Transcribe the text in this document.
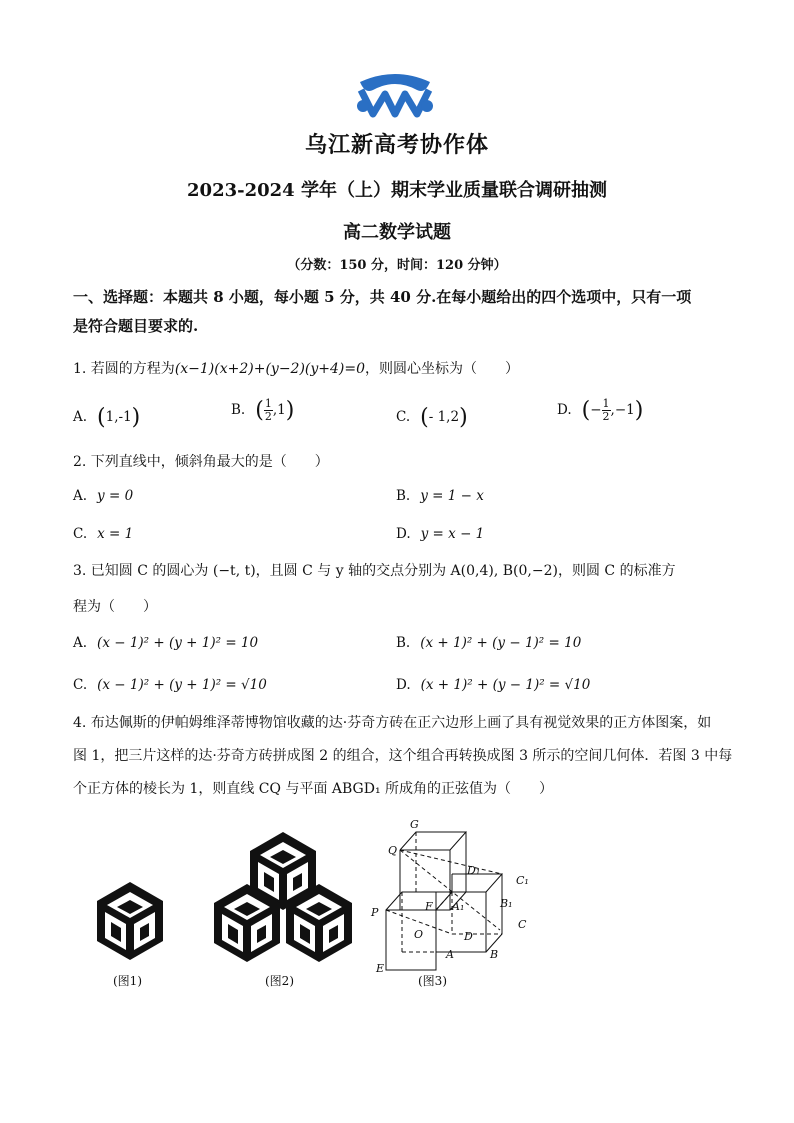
乌江新高考协作体
2023-2024 学年（上）期末学业质量联合调研抽测
高二数学试题
（分数：150 分，时间：120 分钟）
一、选择题：本题共 8 小题，每小题 5 分，共 40 分.在每小题给出的四个选项中，只有一项
是符合题目要求的.
1. 若圆的方程为(x−1)(x+2)+(y−2)(y+4)=0，则圆心坐标为（　　）
A. (1,-1)	B. ( $\frac{1}{2} ,1$)	C. (- 1,2)	D. (− $\frac{1}{2} ,-1$)
2. 下列直线中，倾斜角最大的是（　　）
A. y = 0	B. y = 1 − x
C. x = 1	D. y = x − 1
3. 已知圆 C 的圆心为 (−t, t)，且圆 C 与 y 轴的交点分别为 A(0,4), B(0,−2)，则圆 C 的标准方
程为（　　）
A. (x − 1)² + (y + 1)² = 10	B. (x + 1)² + (y − 1)² = 10
C. (x − 1)² + (y + 1)² = √10	D. (x + 1)² + (y − 1)² = √10
4. 布达佩斯的伊帕姆维泽蒂博物馆收藏的达·芬奇方砖在正六边形上画了具有视觉效果的正方体图案，如
图 1，把三片这样的达·芬奇方砖拼成图 2 的组合，这个组合再转换成图 3 所示的空间几何体．若图 3 中每
个正方体的棱长为 1，则直线 CQ 与平面 ABGD₁ 所成角的正弦值为（　　）
(图1)	(图2)
G
Q
D₁
C₁
P	F A₁	B₁
C
O	D
E
A	B
(图3)
